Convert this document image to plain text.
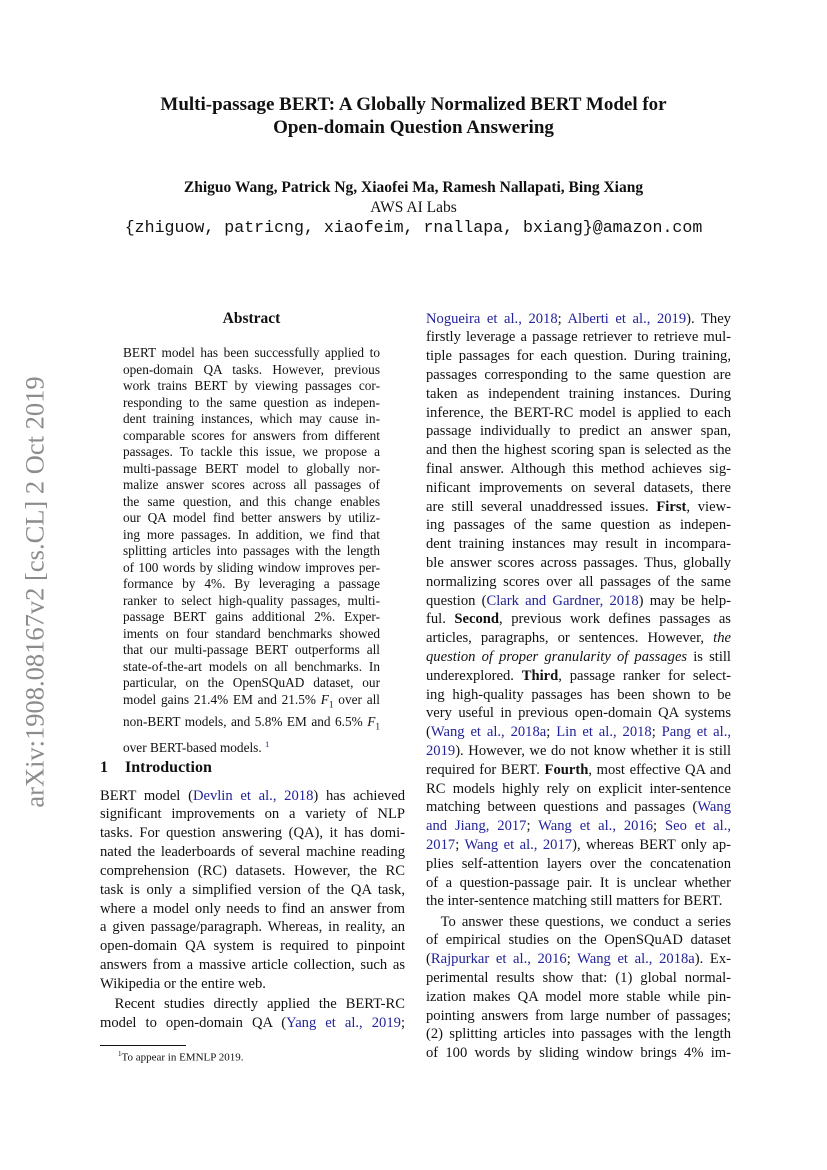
arXiv:1908.08167v2 [cs.CL] 2 Oct 2019
Multi-passage BERT: A Globally Normalized BERT Model for
Open-domain Question Answering
Zhiguo Wang, Patrick Ng, Xiaofei Ma, Ramesh Nallapati, Bing Xiang
AWS AI Labs
{zhiguow, patricng, xiaofeim, rnallapa, bxiang}@amazon.com
Abstract
BERT model has been successfully applied to
open-domain QA tasks. However, previous
work trains BERT by viewing passages cor-
responding to the same question as indepen-
dent training instances, which may cause in-
comparable scores for answers from different
passages. To tackle this issue, we propose a
multi-passage BERT model to globally nor-
malize answer scores across all passages of
the same question, and this change enables
our QA model find better answers by utiliz-
ing more passages. In addition, we find that
splitting articles into passages with the length
of 100 words by sliding window improves per-
formance by 4%. By leveraging a passage
ranker to select high-quality passages, multi-
passage BERT gains additional 2%. Exper-
iments on four standard benchmarks showed
that our multi-passage BERT outperforms all
state-of-the-art models on all benchmarks. In
particular, on the OpenSQuAD dataset, our
model gains 21.4% EM and 21.5% $F_1$ over all
non-BERT models, and 5.8% EM and 6.5% $F_1$
over BERT-based models. $^1$
1 Introduction
BERT model (Devlin et al., 2018) has achieved
significant improvements on a variety of NLP
tasks. For question answering (QA), it has domi-
nated the leaderboards of several machine reading
comprehension (RC) datasets. However, the RC
task is only a simplified version of the QA task,
where a model only needs to find an answer from
a given passage/paragraph. Whereas, in reality, an
open-domain QA system is required to pinpoint
answers from a massive article collection, such as
Wikipedia or the entire web.
Recent studies directly applied the BERT-RC
model to open-domain QA (Yang et al., 2019;
Nogueira et al., 2018; Alberti et al., 2019). They
firstly leverage a passage retriever to retrieve mul-
tiple passages for each question. During training,
passages corresponding to the same question are
taken as independent training instances. During
inference, the BERT-RC model is applied to each
passage individually to predict an answer span,
and then the highest scoring span is selected as the
final answer. Although this method achieves sig-
nificant improvements on several datasets, there
are still several unaddressed issues. First, view-
ing passages of the same question as indepen-
dent training instances may result in incompara-
ble answer scores across passages. Thus, globally
normalizing scores over all passages of the same
question (Clark and Gardner, 2018) may be help-
ful. Second, previous work defines passages as
articles, paragraphs, or sentences. However, the
question of proper granularity of passages is still
underexplored. Third, passage ranker for select-
ing high-quality passages has been shown to be
very useful in previous open-domain QA systems
(Wang et al., 2018a; Lin et al., 2018; Pang et al.,
2019). However, we do not know whether it is still
required for BERT. Fourth, most effective QA and
RC models highly rely on explicit inter-sentence
matching between questions and passages (Wang
and Jiang, 2017; Wang et al., 2016; Seo et al.,
2017; Wang et al., 2017), whereas BERT only ap-
plies self-attention layers over the concatenation
of a question-passage pair. It is unclear whether
the inter-sentence matching still matters for BERT.
To answer these questions, we conduct a series
of empirical studies on the OpenSQuAD dataset
(Rajpurkar et al., 2016; Wang et al., 2018a). Ex-
perimental results show that: (1) global normal-
ization makes QA model more stable while pin-
pointing answers from large number of passages;
(2) splitting articles into passages with the length
of 100 words by sliding window brings 4% im-
$^1$To appear in EMNLP 2019.
